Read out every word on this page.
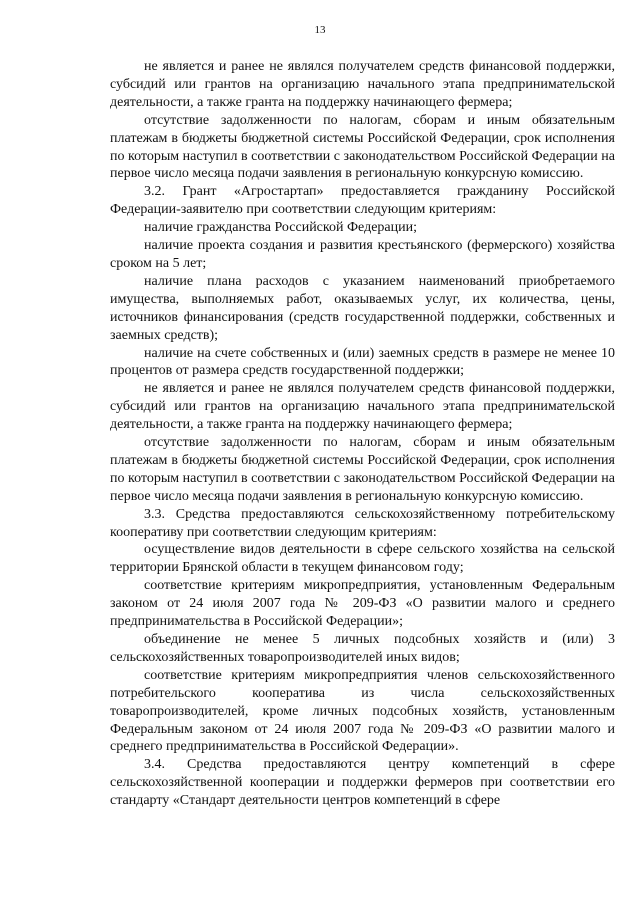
13

не является и ранее не являлся получателем средств финансовой поддержки, субсидий или грантов на организацию начального этапа предпринимательской деятельности, а также гранта на поддержку начинающего фермера;

отсутствие задолженности по налогам, сборам и иным обязательным платежам в бюджеты бюджетной системы Российской Федерации, срок исполнения по которым наступил в соответствии с законодательством Российской Федерации на первое число месяца подачи заявления в региональную конкурсную комиссию.

3.2. Грант «Агростартап» предоставляется гражданину Российской Федерации-заявителю при соответствии следующим критериям:

наличие гражданства Российской Федерации;

наличие проекта создания и развития крестьянского (фермерского) хозяйства сроком на 5 лет;

наличие плана расходов с указанием наименований приобретаемого имущества, выполняемых работ, оказываемых услуг, их количества, цены, источников финансирования (средств государственной поддержки, собственных и заемных средств);

наличие на счете собственных и (или) заемных средств в размере не менее 10 процентов от размера средств государственной поддержки;

не является и ранее не являлся получателем средств финансовой поддержки, субсидий или грантов на организацию начального этапа предпринимательской деятельности, а также гранта на поддержку начинающего фермера;

отсутствие задолженности по налогам, сборам и иным обязательным платежам в бюджеты бюджетной системы Российской Федерации, срок исполнения по которым наступил в соответствии с законодательством Российской Федерации на первое число месяца подачи заявления в региональную конкурсную комиссию.

3.3. Средства предоставляются сельскохозяйственному потребительскому кооперативу при соответствии следующим критериям:

осуществление видов деятельности в сфере сельского хозяйства на сельской территории Брянской области в текущем финансовом году;

соответствие критериям микропредприятия, установленным Федеральным законом от 24 июля 2007 года № 209-ФЗ «О развитии малого и среднего предпринимательства в Российской Федерации»;

объединение не менее 5 личных подсобных хозяйств и (или) 3 сельскохозяйственных товаропроизводителей иных видов;

соответствие критериям микропредприятия членов сельскохозяйственного потребительского кооператива из числа сельскохозяйственных товаропроизводителей, кроме личных подсобных хозяйств, установленным Федеральным законом от 24 июля 2007 года № 209-ФЗ «О развитии малого и среднего предпринимательства в Российской Федерации».

3.4. Средства предоставляются центру компетенций в сфере сельскохозяйственной кооперации и поддержки фермеров при соответствии его стандарту «Стандарт деятельности центров компетенций в сфере
